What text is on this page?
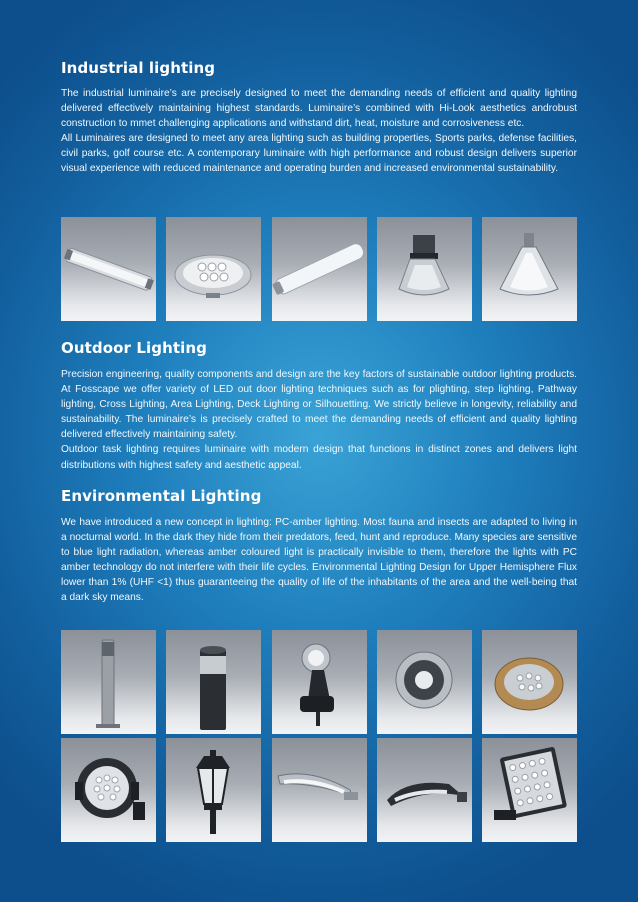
Industrial lighting

The industrial luminaire’s are precisely designed to meet the demanding needs of efficient and quality lighting delivered effectively maintaining highest standards. Luminaire’s combined with Hi-Look aesthetics androbust construction to mmet challenging applications and withstand dirt, heat, moisture and corrosiveness etc.

All Luminaires are designed to meet any area lighting such as building properties, Sports parks, defense facilities, civil parks, golf course etc. A contemporary luminaire with high performance and robust design delivers superior visual experience with reduced maintenance and operating burden and increased environmental sustainability.

Outdoor Lighting

Precision engineering, quality components and design are the key factors of sustainable outdoor lighting products. At Fosscape we offer variety of LED out door lighting techniques such as for plighting, step lighting, Pathway lighting, Cross Lighting, Area Lighting, Deck Lighting or Silhouetting. We strictly believe in longevity, reliability and sustainability. The luminaire’s is precisely crafted to meet the demanding needs of efficient and quality lighting delivered effectively maintaining safety.

Outdoor task lighting requires luminaire with modern design that functions in distinct zones and delivers light distributions with highest safety and aesthetic appeal.

Environmental Lighting

We have introduced a new concept in lighting: PC-amber lighting. Most fauna and insects are adapted to living in a nocturnal world. In the dark they hide from their predators, feed, hunt and reproduce. Many species are sensitive to blue light radiation, whereas amber coloured light is practically invisible to them, therefore the lights with PC amber technology do not interfere with their life cycles. Environmental Lighting Design for Upper Hemisphere Flux lower than 1% (UHF <1) thus guaranteeing the quality of life of the inhabitants of the area and the well-being that a dark sky means.
